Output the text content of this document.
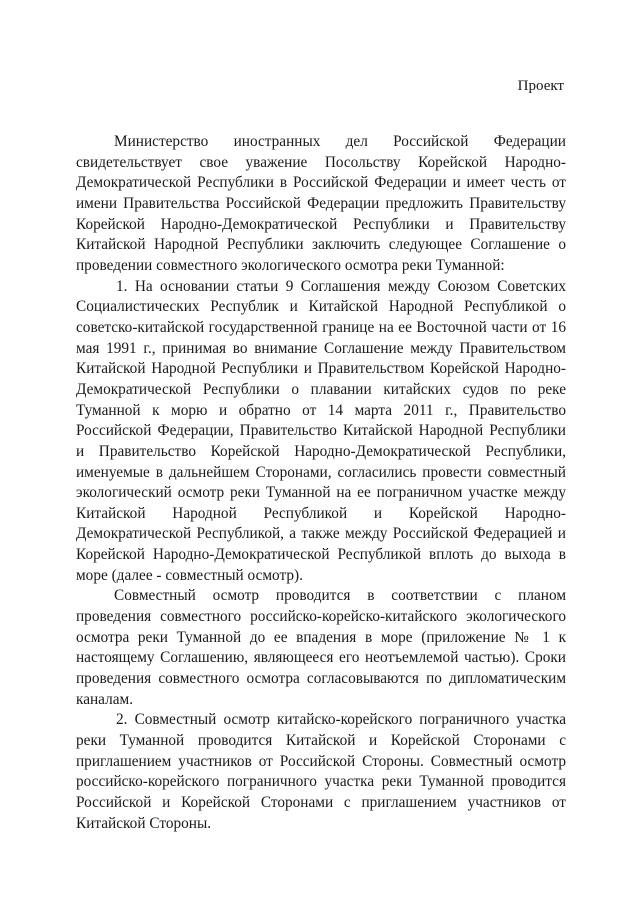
Проект

Министерство иностранных дел Российской Федерации свидетельствует свое уважение Посольству Корейской Народно-Демократической Республики в Российской Федерации и имеет честь от имени Правительства Российской Федерации предложить Правительству Корейской Народно-Демократической Республики и Правительству Китайской Народной Республики заключить следующее Соглашение о проведении совместного экологического осмотра реки Туманной:

1. На основании статьи 9 Соглашения между Союзом Советских Социалистических Республик и Китайской Народной Республикой о советско-китайской государственной границе на ее Восточной части от 16 мая 1991 г., принимая во внимание Соглашение между Правительством Китайской Народной Республики и Правительством Корейской Народно-Демократической Республики о плавании китайских судов по реке Туманной к морю и обратно от 14 марта 2011 г., Правительство Российской Федерации, Правительство Китайской Народной Республики и Правительство Корейской Народно-Демократической Республики, именуемые в дальнейшем Сторонами, согласились провести совместный экологический осмотр реки Туманной на ее пограничном участке между Китайской Народной Республикой и Корейской Народно-Демократической Республикой, а также между Российской Федерацией и Корейской Народно-Демократической Республикой вплоть до выхода в море (далее - совместный осмотр).

Совместный осмотр проводится в соответствии с планом проведения совместного российско-корейско-китайского экологического осмотра реки Туманной до ее впадения в море (приложение № 1 к настоящему Соглашению, являющееся его неотъемлемой частью). Сроки проведения совместного осмотра согласовываются по дипломатическим каналам.

2. Совместный осмотр китайско-корейского пограничного участка реки Туманной проводится Китайской и Корейской Сторонами с приглашением участников от Российской Стороны. Совместный осмотр российско-корейского пограничного участка реки Туманной проводится Российской и Корейской Сторонами с приглашением участников от Китайской Стороны.
